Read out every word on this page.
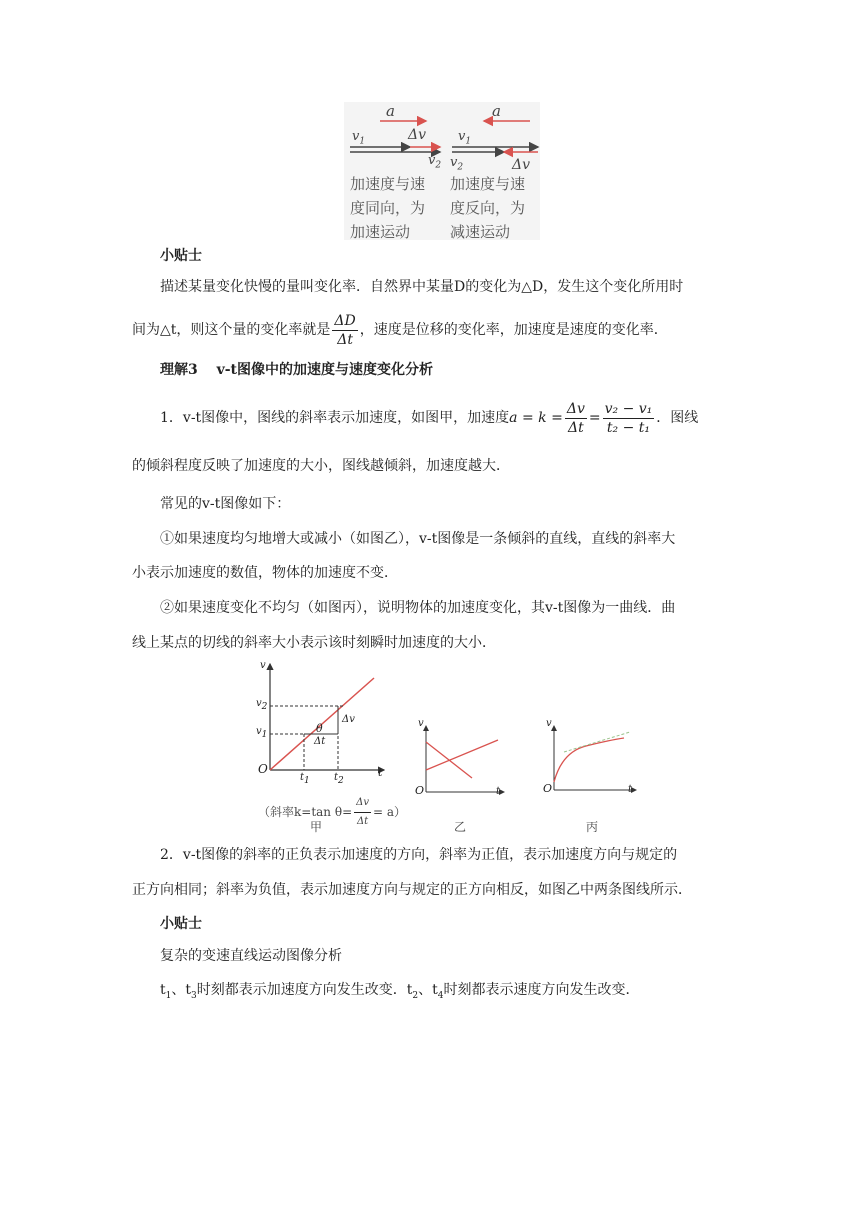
a
$v_1$	Δv
$v_2$
a
$v_1$
$v_2$	Δv
加速度与速
度同向，为
加速运动
加速度与速
度反向，为
减速运动
小贴士
描述某量变化快慢的量叫变化率．自然界中某量D的变化为△D，发生这个变化所用时
间为△t，则这个量的变化率就是 $\frac{\Delta D}{\Delta t}$ ，速度是位移的变化率，加速度是速度的变化率．
理解3　 v-t图像中的加速度与速度变化分析
1．v-t图像中，图线的斜率表示加速度，如图甲，加速度$a = k = \frac{\Delta v}{\Delta t} = \frac{\text{v₂ − v₁}}{\text{t₂ − t₁}}$ ．图线
的倾斜程度反映了加速度的大小，图线越倾斜，加速度越大．
常见的v-t图像如下：
①如果速度均匀地增大或减小（如图乙），v-t图像是一条倾斜的直线，直线的斜率大
小表示加速度的数值，物体的加速度不变．
②如果速度变化不均匀（如图丙），说明物体的加速度变化，其v-t图像为一曲线．曲
线上某点的切线的斜率大小表示该时刻瞬时加速度的大小．
v
t
O
$v_2$
$v_1$
$t_1$ $t_2$
θ
Δv
Δt
（斜率k=tan $\theta= \frac{\Delta v}{\Delta t} = a$）
甲
v
t
O
乙
v
t
O
丙
2．v-t图像的斜率的正负表示加速度的方向，斜率为正值，表示加速度方向与规定的
正方向相同；斜率为负值，表示加速度方向与规定的正方向相反，如图乙中两条图线所示．
小贴士
复杂的变速直线运动图像分析
$t_1$、$t_3$时刻都表示加速度方向发生改变．$t_2$、$t_4$时刻都表示速度方向发生改变．
